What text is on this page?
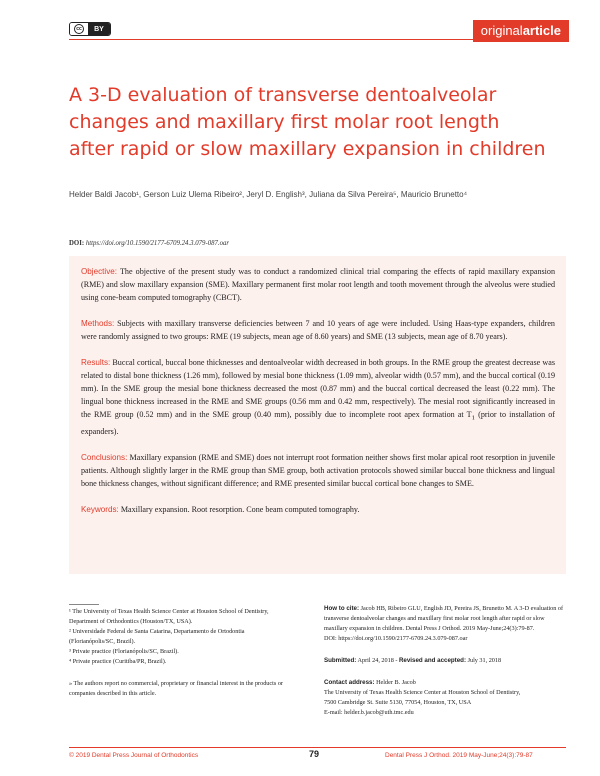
cc	BY	originalarticle
A 3-D evaluation of transverse dentoalveolar changes and maxillary first molar root length after rapid or slow maxillary expansion in children
Helder Baldi Jacob¹, Gerson Luiz Ulema Ribeiro², Jeryl D. English³, Juliana da Silva Pereira⁵, Mauricio Brunetto⁴
DOI: https://doi.org/10.1590/2177-6709.24.3.079-087.oar

Objective: The objective of the present study was to conduct a randomized clinical trial comparing the effects of rapid maxillary expansion (RME) and slow maxillary expansion (SME). Maxillary permanent first molar root length and tooth movement through the alveolus were studied using cone-beam computed tomography (CBCT).

Methods: Subjects with maxillary transverse deficiencies between 7 and 10 years of age were included. Using Haas-type expanders, children were randomly assigned to two groups: RME (19 subjects, mean age of 8.60 years) and SME (13 subjects, mean age of 8.70 years).

Results: Buccal cortical, buccal bone thicknesses and dentoalveolar width decreased in both groups. In the RME group the greatest decrease was related to distal bone thickness (1.26 mm), followed by mesial bone thickness (1.09 mm), alveolar width (0.57 mm), and the buccal cortical (0.19 mm). In the SME group the mesial bone thickness decreased the most (0.87 mm) and the buccal cortical decreased the least (0.22 mm). The lingual bone thickness increased in the RME and SME groups (0.56 mm and 0.42 mm, respectively). The mesial root significantly increased in the RME group (0.52 mm) and in the SME group (0.40 mm), possibly due to incomplete root apex formation at $T_1$ (prior to installation of expanders).

Conclusions: Maxillary expansion (RME and SME) does not interrupt root formation neither shows first molar apical root resorption in juvenile patients. Although slightly larger in the RME group than SME group, both activation protocols showed similar buccal bone thickness and lingual bone thickness changes, without significant difference; and RME presented similar buccal cortical bone changes to SME.

Keywords: Maxillary expansion. Root resorption. Cone beam computed tomography.

¹ The University of Texas Health Science Center at Houston School of Dentistry, Department of Orthodontics (Houston/TX, USA).

² Universidade Federal de Santa Catarina, Departamento de Ortodontia (Florianópolis/SC, Brazil).

³ Private practice (Florianópolis/SC, Brazil).

⁴ Private practice (Curitiba/PR, Brazil).

» The authors report no commercial, proprietary or financial interest in the products or companies described in this article.

How to cite: Jacob HB, Ribeiro GLU, English JD, Pereira JS, Brunetto M. A 3-D evaluation of transverse dentoalveolar changes and maxillary first molar root length after rapid or slow maxillary expansion in children. Dental Press J Orthod. 2019 May-June;24(3):79-87.

DOI: https://doi.org/10.1590/2177-6709.24.3.079-087.oar

Submitted: April 24, 2018 - Revised and accepted: July 31, 2018

Contact address: Helder B. Jacob

The University of Texas Health Science Center at Houston School of Dentistry,

7500 Cambridge St. Suite 5130, 77054, Houston, TX, USA

E-mail: helder.b.jacob@uth.tmc.edu

© 2019 Dental Press Journal of Orthodontics	79	Dental Press J Orthod. 2019 May-June;24(3):79-87
